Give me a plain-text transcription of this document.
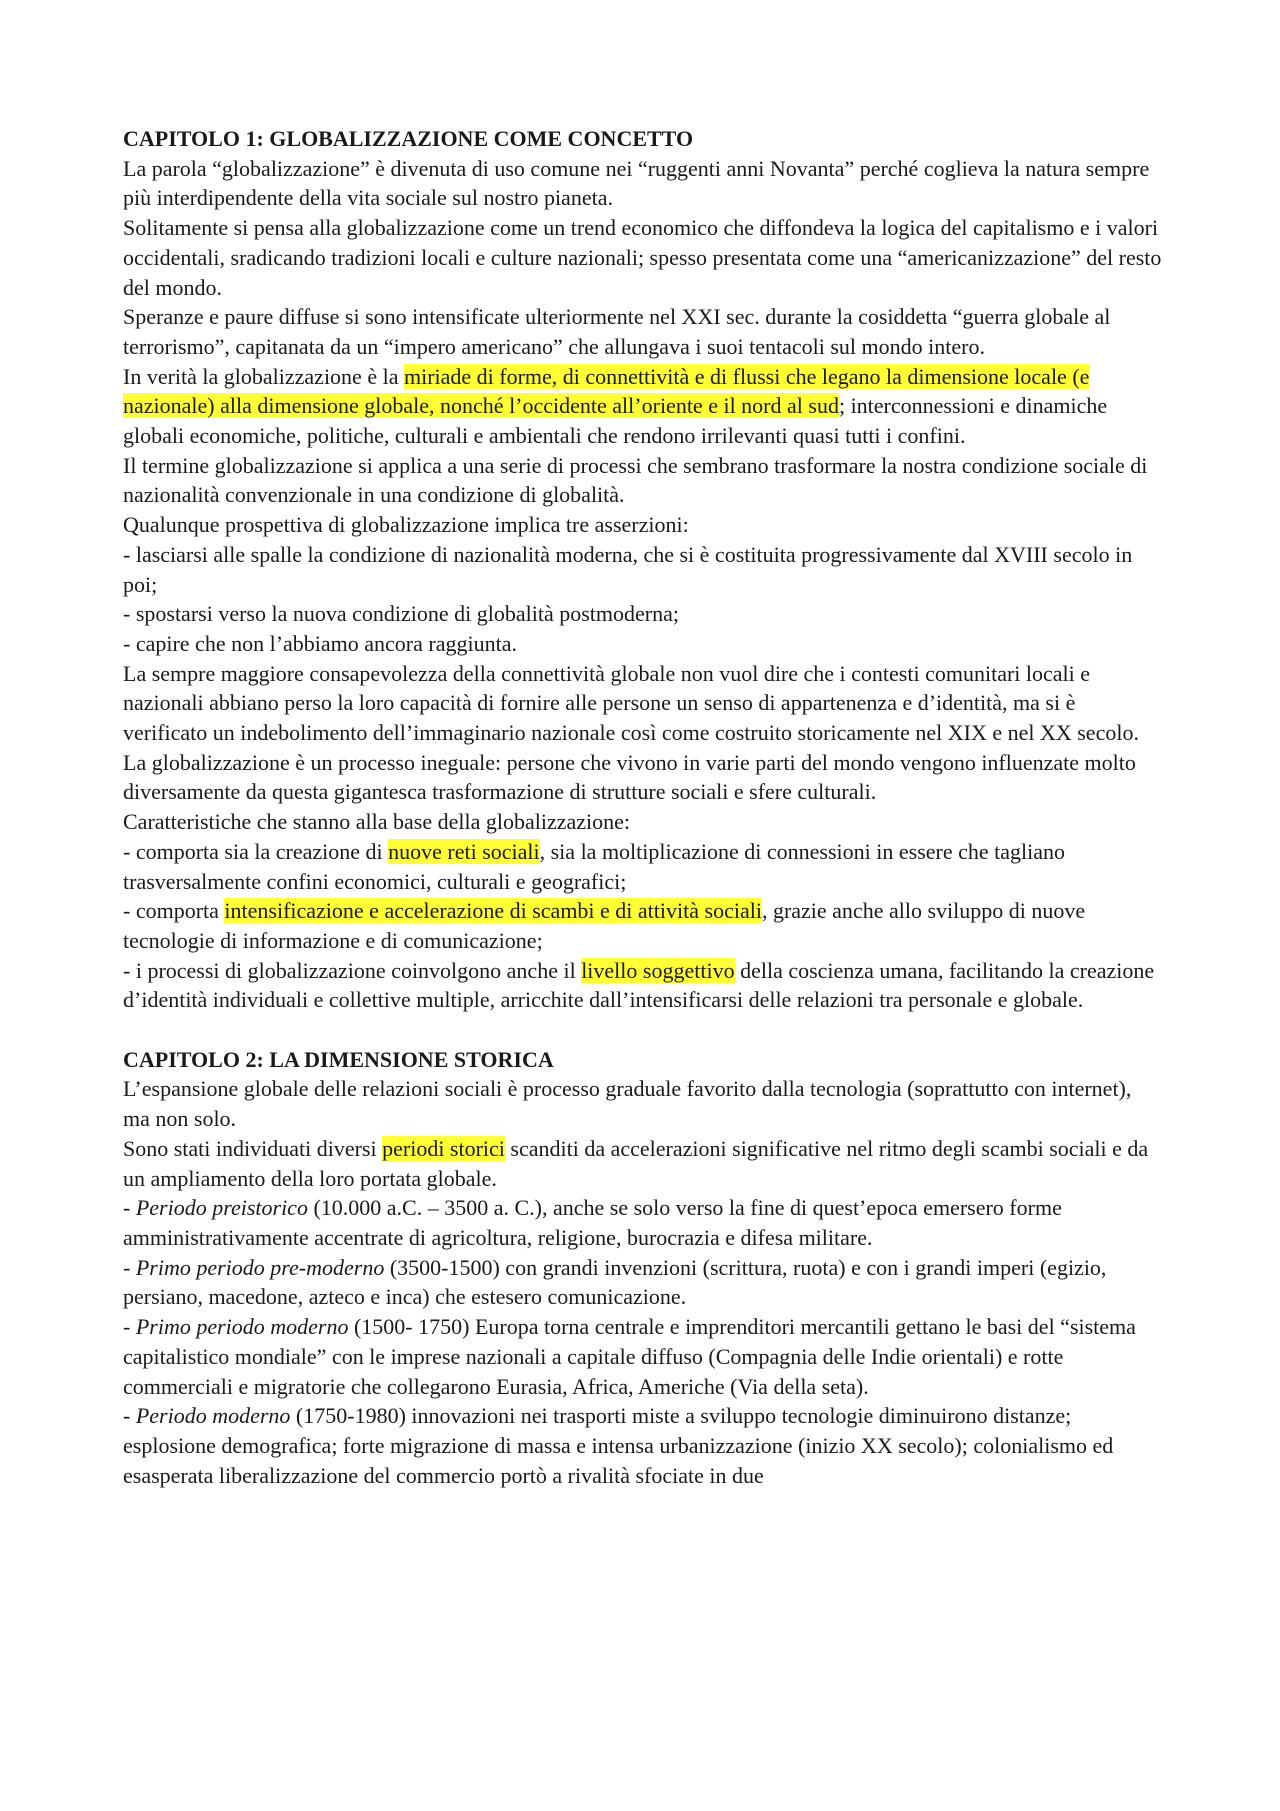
CAPITOLO 1: GLOBALIZZAZIONE COME CONCETTO

La parola “globalizzazione” è divenuta di uso comune nei “ruggenti anni Novanta” perché coglieva la natura sempre più interdipendente della vita sociale sul nostro pianeta.

Solitamente si pensa alla globalizzazione come un trend economico che diffondeva la logica del capitalismo e i valori occidentali, sradicando tradizioni locali e culture nazionali; spesso presentata come una “americanizzazione” del resto del mondo.

Speranze e paure diffuse si sono intensificate ulteriormente nel XXI sec. durante la cosiddetta “guerra globale al terrorismo”, capitanata da un “impero americano” che allungava i suoi tentacoli sul mondo intero.

In verità la globalizzazione è la miriade di forme, di connettività e di flussi che legano la dimensione locale (e nazionale) alla dimensione globale, nonché l’occidente all’oriente e il nord al sud; interconnessioni e dinamiche globali economiche, politiche, culturali e ambientali che rendono irrilevanti quasi tutti i confini.

Il termine globalizzazione si applica a una serie di processi che sembrano trasformare la nostra condizione sociale di nazionalità convenzionale in una condizione di globalità.

Qualunque prospettiva di globalizzazione implica tre asserzioni:

- lasciarsi alle spalle la condizione di nazionalità moderna, che si è costituita progressivamente dal XVIII secolo in poi;

- spostarsi verso la nuova condizione di globalità postmoderna;

- capire che non l’abbiamo ancora raggiunta.

La sempre maggiore consapevolezza della connettività globale non vuol dire che i contesti comunitari locali e nazionali abbiano perso la loro capacità di fornire alle persone un senso di appartenenza e d’identità, ma si è verificato un indebolimento dell’immaginario nazionale così come costruito storicamente nel XIX e nel XX secolo.

La globalizzazione è un processo ineguale: persone che vivono in varie parti del mondo vengono influenzate molto diversamente da questa gigantesca trasformazione di strutture sociali e sfere culturali.

Caratteristiche che stanno alla base della globalizzazione:

- comporta sia la creazione di nuove reti sociali, sia la moltiplicazione di connessioni in essere che tagliano trasversalmente confini economici, culturali e geografici;

- comporta intensificazione e accelerazione di scambi e di attività sociali, grazie anche allo sviluppo di nuove tecnologie di informazione e di comunicazione;

- i processi di globalizzazione coinvolgono anche il livello soggettivo della coscienza umana, facilitando la creazione d’identità individuali e collettive multiple, arricchite dall’intensificarsi delle relazioni tra personale e globale.

CAPITOLO 2: LA DIMENSIONE STORICA

L’espansione globale delle relazioni sociali è processo graduale favorito dalla tecnologia (soprattutto con internet), ma non solo.

Sono stati individuati diversi periodi storici scanditi da accelerazioni significative nel ritmo degli scambi sociali e da un ampliamento della loro portata globale.

- Periodo preistorico (10.000 a.C. – 3500 a. C.), anche se solo verso la fine di quest’epoca emersero forme amministrativamente accentrate di agricoltura, religione, burocrazia e difesa militare.

- Primo periodo pre-moderno (3500-1500) con grandi invenzioni (scrittura, ruota) e con i grandi imperi (egizio, persiano, macedone, azteco e inca) che estesero comunicazione.

- Primo periodo moderno (1500- 1750) Europa torna centrale e imprenditori mercantili gettano le basi del “sistema capitalistico mondiale” con le imprese nazionali a capitale diffuso (Compagnia delle Indie orientali) e rotte commerciali e migratorie che collegarono Eurasia, Africa, Americhe (Via della seta).

- Periodo moderno (1750-1980) innovazioni nei trasporti miste a sviluppo tecnologie diminuirono distanze; esplosione demografica; forte migrazione di massa e intensa urbanizzazione (inizio XX secolo); colonialismo ed esasperata liberalizzazione del commercio portò a rivalità sfociate in due
